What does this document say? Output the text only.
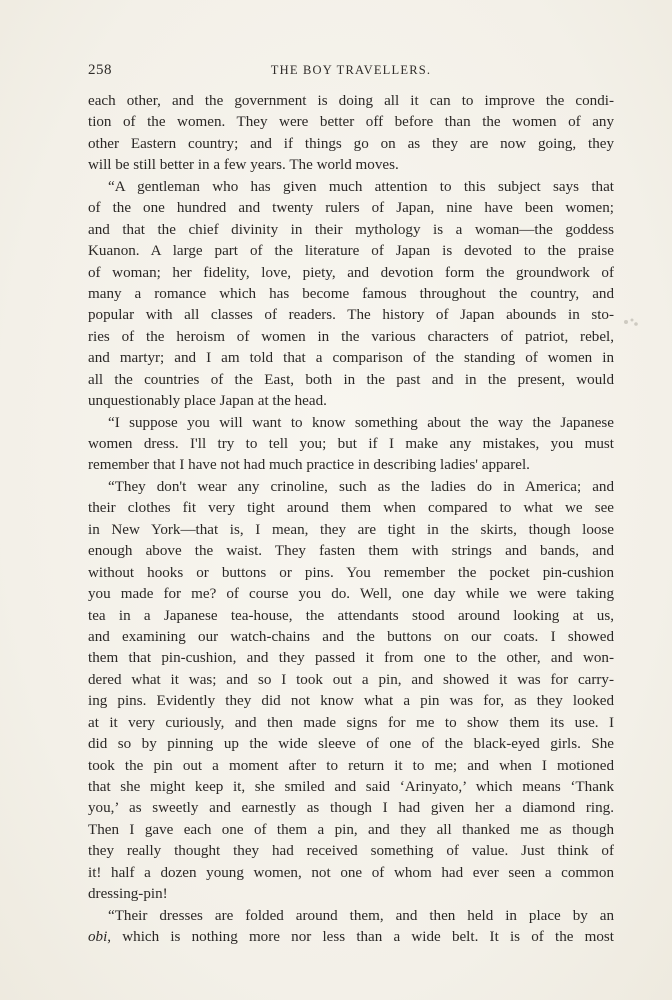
258	THE BOY TRAVELLERS.
each other, and the government is doing all it can to improve the condi-
tion of the women. They were better off before than the women of any
other Eastern country; and if things go on as they are now going, they
will be still better in a few years. The world moves.
“A gentleman who has given much attention to this subject says that
of the one hundred and twenty rulers of Japan, nine have been women;
and that the chief divinity in their mythology is a woman—the goddess
Kuanon. A large part of the literature of Japan is devoted to the praise
of woman; her fidelity, love, piety, and devotion form the groundwork of
many a romance which has become famous throughout the country, and
popular with all classes of readers. The history of Japan abounds in sto-
ries of the heroism of women in the various characters of patriot, rebel,
and martyr; and I am told that a comparison of the standing of women in
all the countries of the East, both in the past and in the present, would
unquestionably place Japan at the head.
“I suppose you will want to know something about the way the Japanese
women dress. I'll try to tell you; but if I make any mistakes, you must
remember that I have not had much practice in describing ladies' apparel.
“They don't wear any crinoline, such as the ladies do in America; and
their clothes fit very tight around them when compared to what we see
in New York—that is, I mean, they are tight in the skirts, though loose
enough above the waist. They fasten them with strings and bands, and
without hooks or buttons or pins. You remember the pocket pin-cushion
you made for me? of course you do. Well, one day while we were taking
tea in a Japanese tea-house, the attendants stood around looking at us,
and examining our watch-chains and the buttons on our coats. I showed
them that pin-cushion, and they passed it from one to the other, and won-
dered what it was; and so I took out a pin, and showed it was for carry-
ing pins. Evidently they did not know what a pin was for, as they looked
at it very curiously, and then made signs for me to show them its use. I
did so by pinning up the wide sleeve of one of the black-eyed girls. She
took the pin out a moment after to return it to me; and when I motioned
that she might keep it, she smiled and said ‘Arinyato,’ which means ‘Thank
you,’ as sweetly and earnestly as though I had given her a diamond ring.
Then I gave each one of them a pin, and they all thanked me as though
they really thought they had received something of value. Just think of
it! half a dozen young women, not one of whom had ever seen a common
dressing-pin!
“Their dresses are folded around them, and then held in place by an
obi, which is nothing more nor less than a wide belt. It is of the most
